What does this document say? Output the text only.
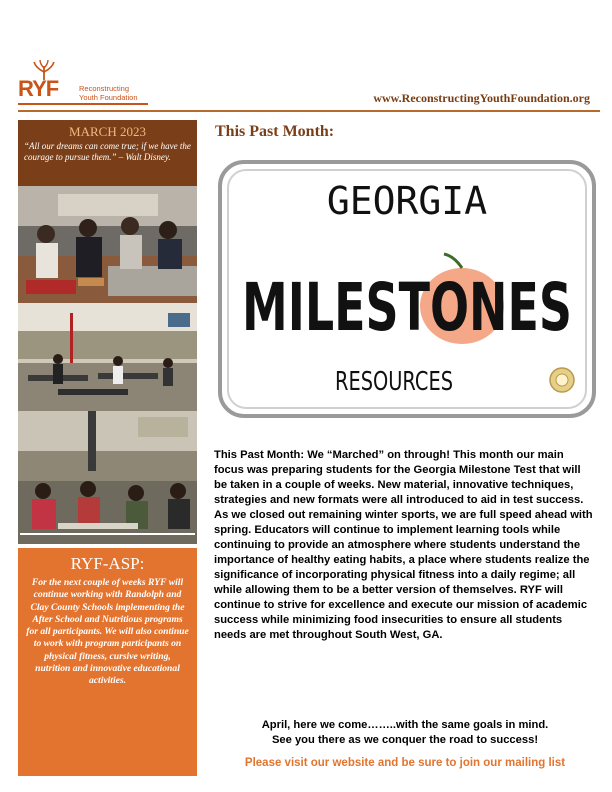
RYF	Reconstructing
Youth Foundation	www.ReconstructingYouthFoundation.org
MARCH 2023
“All our dreams can come true; if we have the courage to pursue them.” – Walt Disney.
RYF-ASP:
For the next couple of weeks RYF will continue working with Randolph and Clay County Schools implementing the After School and Nutritious programs for all participants. We will also continue to work with program participants on physical fitness, cursive writing, nutrition and innovative educational activities.
This Past Month:
GEORGIA
MILESTONES
RESOURCES
This Past Month: We “Marched” on through! This month our main focus was preparing students for the Georgia Milestone Test that will be taken in a couple of weeks. New material, innovative techniques, strategies and new formats were all introduced to aid in test success. As we closed out remaining winter sports, we are full speed ahead with spring. Educators will continue to implement learning tools while continuing to provide an atmosphere where students understand the importance of healthy eating habits, a place where students realize the significance of incorporating physical fitness into a daily regime; all while allowing them to be a better version of themselves. RYF will continue to strive for excellence and execute our mission of academic success while minimizing food insecurities to ensure all students needs are met throughout South West, GA.
April, here we come……..with the same goals in mind.
See you there as we conquer the road to success!
Please visit our website and be sure to join our mailing list
